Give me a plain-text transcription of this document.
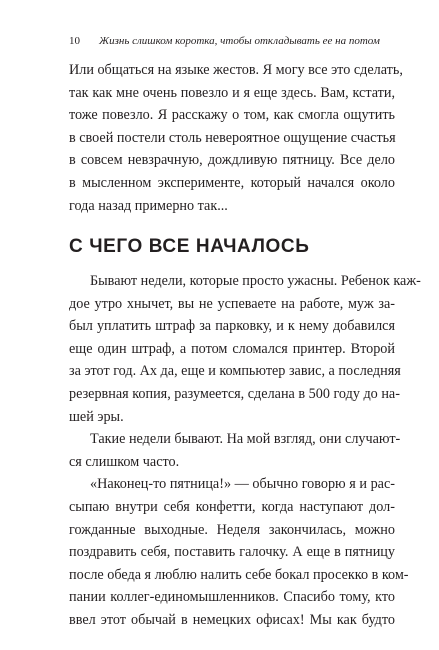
10 Жизнь слишком коротка, чтобы откладывать ее на потом
Или общаться на языке жестов. Я могу все это сделать,
так как мне очень повезло и я еще здесь. Вам, кстати,
тоже повезло. Я расскажу о том, как смогла ощутить
в своей постели столь невероятное ощущение счастья
в совсем невзрачную, дождливую пятницу. Все дело
в мысленном эксперименте, который начался около
года назад примерно так...
С ЧЕГО ВСЕ НАЧАЛОСЬ
Бывают недели, которые просто ужасны. Ребенок каж-
дое утро хнычет, вы не успеваете на работе, муж за-
был уплатить штраф за парковку, и к нему добавился
еще один штраф, а потом сломался принтер. Второй
за этот год. Ах да, еще и компьютер завис, а последняя
резервная копия, разумеется, сделана в 500 году до на-
шей эры.
Такие недели бывают. На мой взгляд, они случают-
ся слишком часто.
«Наконец-то пятница!» — обычно говорю я и рас-
сыпаю внутри себя конфетти, когда наступают дол-
гожданные выходные. Неделя закончилась, можно
поздравить себя, поставить галочку. А еще в пятницу
после обеда я люблю налить себе бокал просекко в ком-
пании коллег-единомышленников. Спасибо тому, кто
ввел этот обычай в немецких офисах! Мы как будто
